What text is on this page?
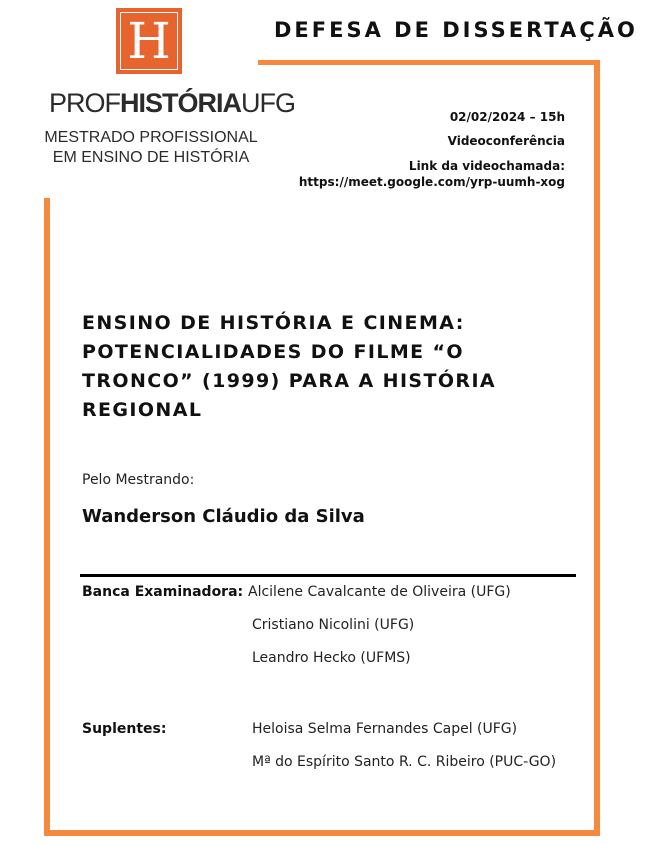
H
PROFHISTÓRIAUFG
MESTRADO PROFISSIONAL
EM ENSINO DE HISTÓRIA
DEFESA DE DISSERTAÇÃO
02/02/2024 – 15h
Videoconferência
Link da videochamada:
https://meet.google.com/yrp-uumh-xog
ENSINO DE HISTÓRIA E CINEMA: POTENCIALIDADES DO FILME “O TRONCO” (1999) PARA A HISTÓRIA REGIONAL
Pelo Mestrando:
Wanderson Cláudio da Silva
Banca Examinadora: Alcilene Cavalcante de Oliveira (UFG)
Cristiano Nicolini (UFG)
Leandro Hecko (UFMS)
Suplentes:	Heloisa Selma Fernandes Capel (UFG)
Mª do Espírito Santo R. C. Ribeiro (PUC-GO)
